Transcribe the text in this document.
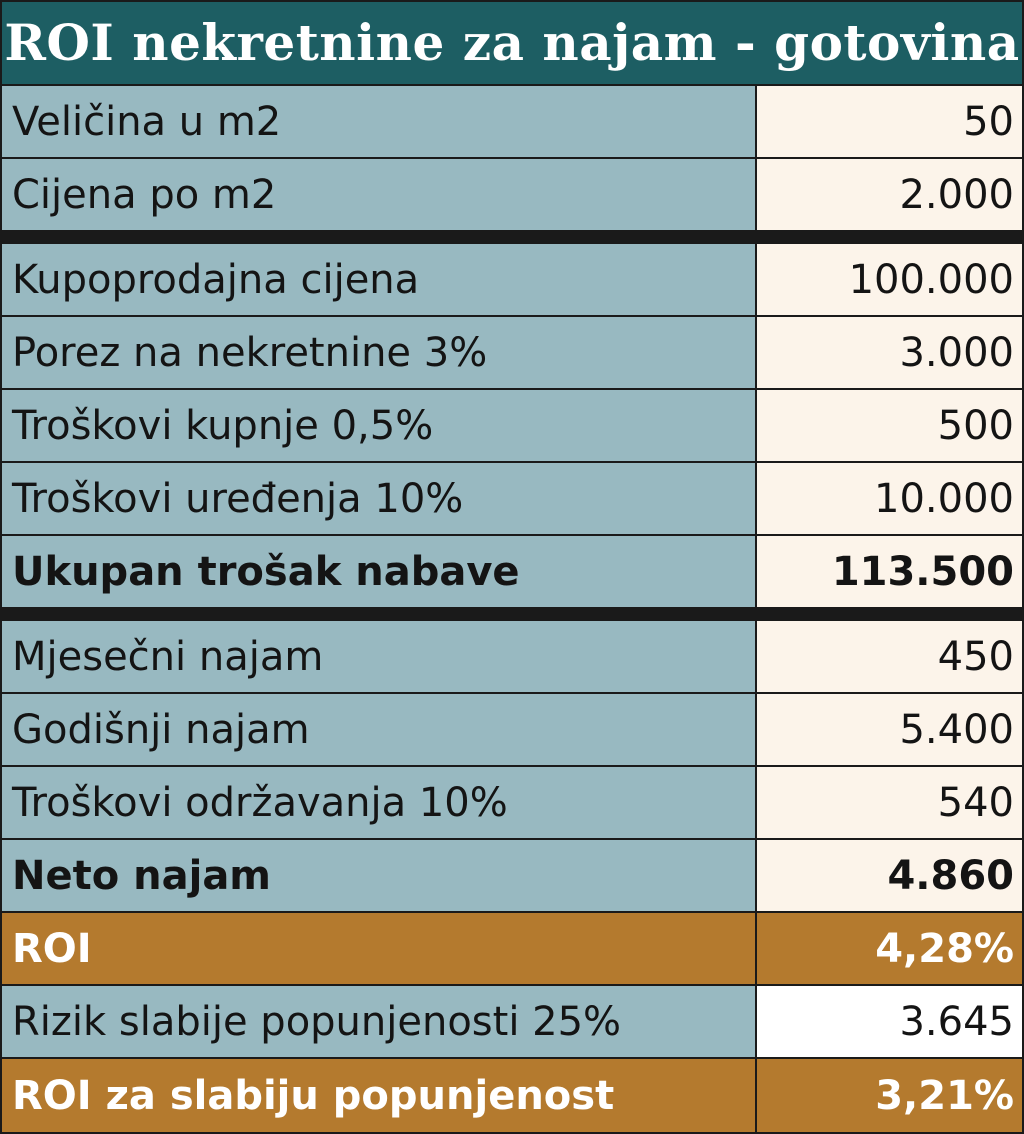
ROI nekretnine za najam - gotovina
Veličina u m2	50
Cijena po m2	2.000
Kupoprodajna cijena	100.000
Porez na nekretnine 3%	3.000
Troškovi kupnje 0,5%	500
Troškovi uređenja 10%	10.000
Ukupan trošak nabave	113.500
Mjesečni najam	450
Godišnji najam	5.400
Troškovi održavanja 10%	540
Neto najam	4.860
ROI	4,28%
Rizik slabije popunjenosti 25%	3.645
ROI za slabiju popunjenost	3,21%
